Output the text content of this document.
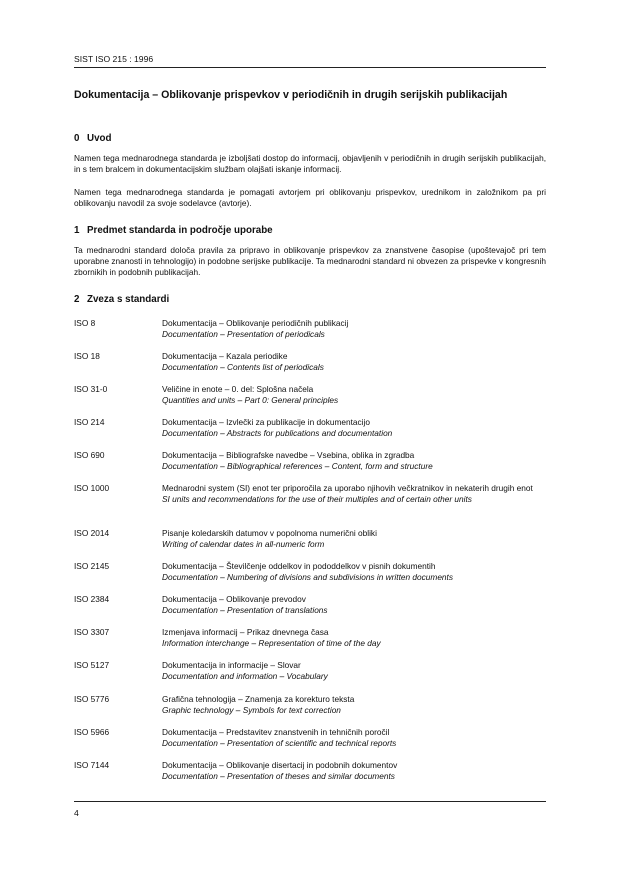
SIST ISO 215 : 1996
Dokumentacija – Oblikovanje prispevkov v periodičnih in drugih serijskih publikacijah
0 Uvod
Namen tega mednarodnega standarda je izboljšati dostop do informacij, objavljenih v periodičnih in drugih serijskih publikacijah, in s tem bralcem in dokumentacijskim službam olajšati iskanje informacij.
Namen tega mednarodnega standarda je pomagati avtorjem pri oblikovanju prispevkov, urednikom in založnikom pa pri oblikovanju navodil za svoje sodelavce (avtorje).
1 Predmet standarda in področje uporabe
Ta mednarodni standard določa pravila za pripravo in oblikovanje prispevkov za znanstvene časopise (upoštevajoč pri tem uporabne znanosti in tehnologijo) in podobne serijske publikacije. Ta mednarodni standard ni obvezen za prispevke v kongresnih zbornikih in podobnih publikacijah.
2 Zveza s standardi
ISO 8	Dokumentacija – Oblikovanje periodičnih publikacij
Documentation – Presentation of periodicals
ISO 18	Dokumentacija – Kazala periodike
Documentation – Contents list of periodicals
ISO 31-0	Veličine in enote – 0. del: Splošna načela
Quantities and units – Part 0: General principles
ISO 214	Dokumentacija – Izvlečki za publikacije in dokumentacijo
Documentation – Abstracts for publications and documentation
ISO 690	Dokumentacija – Bibliografske navedbe – Vsebina, oblika in zgradba
Documentation – Bibliographical references – Content, form and structure
ISO 1000	Mednarodni system (SI) enot ter priporočila za uporabo njihovih večkratnikov in nekaterih drugih enot
SI units and recommendations for the use of their multiples and of certain other units
ISO 2014	Pisanje koledarskih datumov v popolnoma numerični obliki
Writing of calendar dates in all-numeric form
ISO 2145	Dokumentacija – Številčenje oddelkov in pododdelkov v pisnih dokumentih
Documentation – Numbering of divisions and subdivisions in written documents
ISO 2384	Dokumentacija – Oblikovanje prevodov
Documentation – Presentation of translations
ISO 3307	Izmenjava informacij – Prikaz dnevnega časa
Information interchange – Representation of time of the day
ISO 5127	Dokumentacija in informacije – Slovar
Documentation and information – Vocabulary
ISO 5776	Grafična tehnologija – Znamenja za korekturo teksta
Graphic technology – Symbols for text correction
ISO 5966	Dokumentacija – Predstavitev znanstvenih in tehničnih poročil
Documentation – Presentation of scientific and technical reports
ISO 7144	Dokumentacija – Oblikovanje disertacij in podobnih dokumentov
Documentation – Presentation of theses and similar documents
4
